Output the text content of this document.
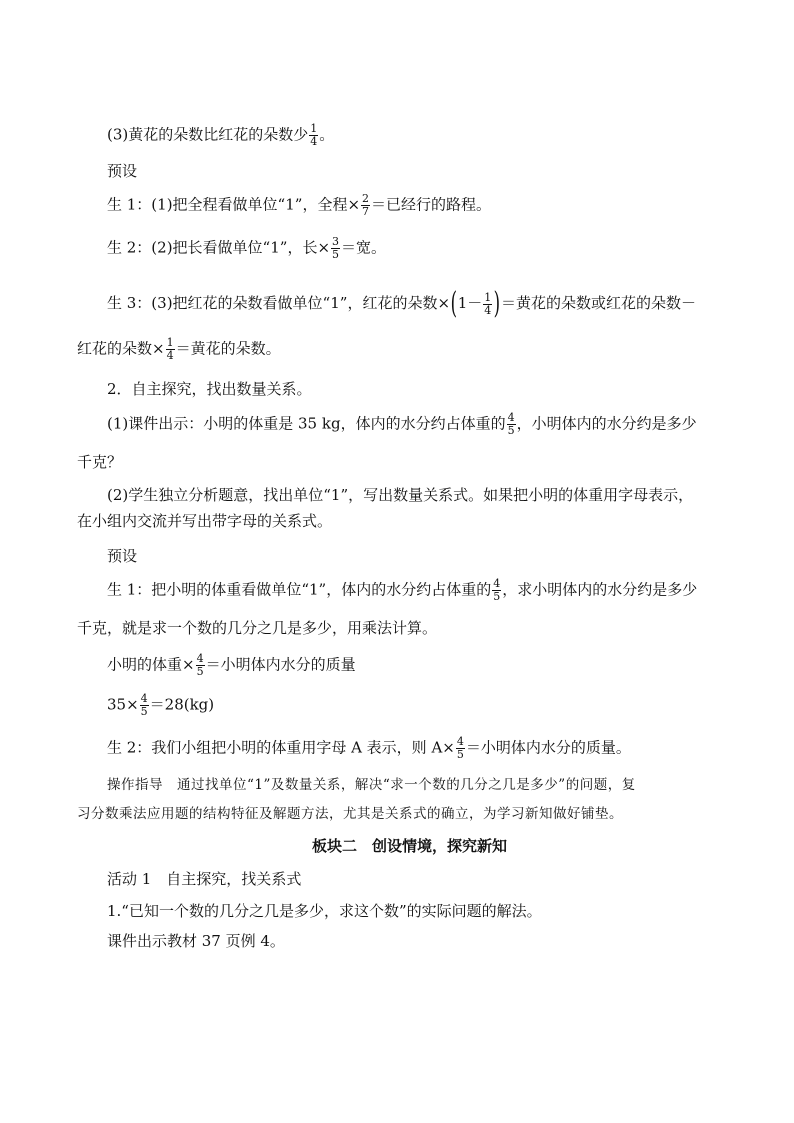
(3)黄花的朵数比红花的朵数少 $\frac{1}{4}$ 。
预设
生 1：(1)把全程看做单位“1”，全程× $\frac{2}{7}$ ＝已经行的路程。
生 2：(2)把长看做单位“1”，长× $\frac{3}{5}$ ＝宽。
生 3：(3)把红花的朵数看做单位“1”，红花的朵数$\times(1- \frac{1}{4}$ )＝黄花的朵数或红花的朵数－
红花的朵数× $\frac{1}{4}$ ＝黄花的朵数。
2．自主探究，找出数量关系。
(1)课件出示：小明的体重是 35 kg，体内的水分约占体重的 $\frac{4}{5}$ ，小明体内的水分约是多少
千克？
(2)学生独立分析题意，找出单位“1”，写出数量关系式。如果把小明的体重用字母表示，
在小组内交流并写出带字母的关系式。
预设
生 1：把小明的体重看做单位“1”，体内的水分约占体重的 $\frac{4}{5}$ ，求小明体内的水分约是多少
千克，就是求一个数的几分之几是多少，用乘法计算。
小明的体重× $\frac{4}{5}$ ＝小明体内水分的质量
$35\times \frac{4}{5} =28(kg)$
生 2：我们小组把小明的体重用字母 A 表示，则 $A\times \frac{4}{5}$ ＝小明体内水分的质量。
操作指导　通过找单位“1”及数量关系，解决“求一个数的几分之几是多少”的问题，复
习分数乘法应用题的结构特征及解题方法，尤其是关系式的确立，为学习新知做好铺垫。
板块二　创设情境，探究新知
活动 1　自主探究，找关系式
1.“已知一个数的几分之几是多少，求这个数”的实际问题的解法。
课件出示教材 37 页例 4。
